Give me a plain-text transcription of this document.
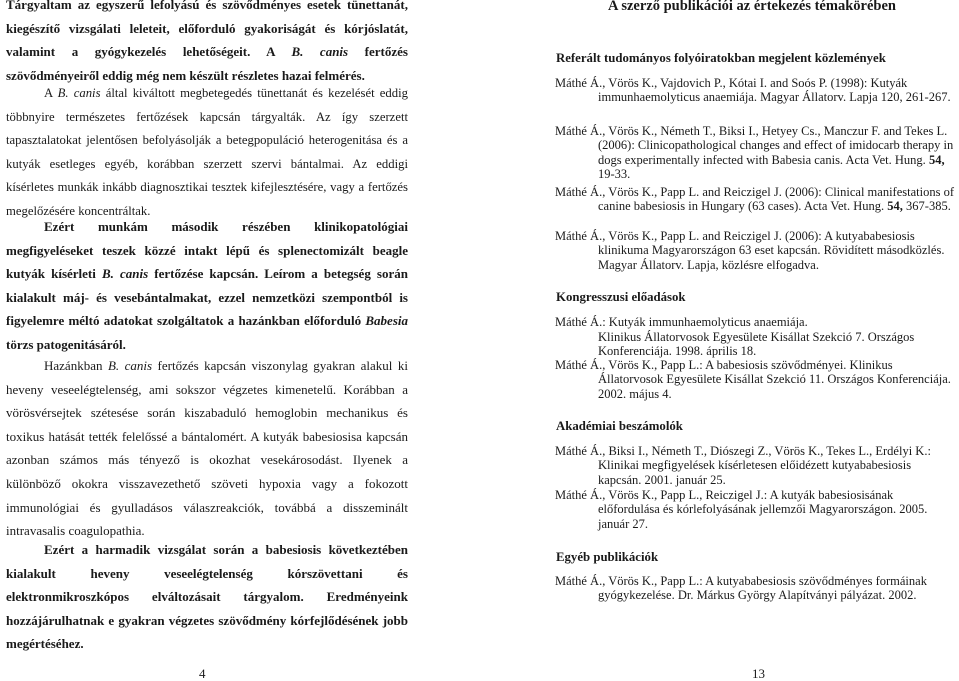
Tárgyaltam az egyszerű lefolyású és szövődményes esetek tünettanát, kiegészítő vizsgálati leleteit, előforduló gyakoriságát és kórjóslatát, valamint a gyógykezelés lehetőségeit. A B. canis fertőzés szövődményeiről eddig még nem készült részletes hazai felmérés.
A B. canis által kiváltott megbetegedés tünettanát és kezelését eddig többnyire természetes fertőzések kapcsán tárgyalták. Az így szerzett tapasztalatokat jelentősen befolyásolják a betegpopuláció heterogenitása és a kutyák esetleges egyéb, korábban szerzett szervi bántalmai. Az eddigi kísérletes munkák inkább diagnosztikai tesztek kifejlesztésére, vagy a fertőzés megelőzésére koncentráltak.
Ezért munkám második részében klinikopatológiai megfigyeléseket teszek közzé intakt lépű és splenectomizált beagle kutyák kísérleti B. canis fertőzése kapcsán. Leírom a betegség során kialakult máj- és vesebántalmakat, ezzel nemzetközi szempontból is figyelemre méltó adatokat szolgáltatok a hazánkban előforduló Babesia törzs patogenitásáról.
Hazánkban B. canis fertőzés kapcsán viszonylag gyakran alakul ki heveny veseelégtelenség, ami sokszor végzetes kimenetelű. Korábban a vörösvérsejtek szétesése során kiszabaduló hemoglobin mechanikus és toxikus hatását tették felelőssé a bántalomért. A kutyák babesiosisa kapcsán azonban számos más tényező is okozhat vesekárosodást. Ilyenek a különböző okokra visszavezethető szöveti hypoxia vagy a fokozott immunológiai és gyulladásos válaszreakciók, továbbá a disszeminált intravasalis coagulopathia.
Ezért a harmadik vizsgálat során a babesiosis következtében kialakult heveny veseelégtelenség kórszövettani és elektronmikroszkópos elváltozásait tárgyalom. Eredményeink hozzájárulhatnak e gyakran végzetes szövődmény kórfejlődésének jobb megértéséhez.
4
A szerző publikációi az értekezés témakörében
Referált tudományos folyóiratokban megjelent közlemények
Máthé Á., Vörös K., Vajdovich P., Kótai I. and Soós P. (1998): Kutyák immunhaemolyticus anaemiája. Magyar Állatorv. Lapja 120, 261-267.
Máthé Á., Vörös K., Németh T., Biksi I., Hetyey Cs., Manczur F. and Tekes L. (2006): Clinicopathological changes and effect of imidocarb therapy in dogs experimentally infected with Babesia canis. Acta Vet. Hung. 54, 19-33.
Máthé Á., Vörös K., Papp L. and Reiczigel J. (2006): Clinical manifestations of canine babesiosis in Hungary (63 cases). Acta Vet. Hung. 54, 367-385.
Máthé Á., Vörös K., Papp L. and Reiczigel J. (2006): A kutyababesiosis klinikuma Magyarországon 63 eset kapcsán. Rövidített másodközlés. Magyar Állatorv. Lapja, közlésre elfogadva.
Kongresszusi előadások
Máthé Á.: Kutyák immunhaemolyticus anaemiája.
Klinikus Állatorvosok Egyesülete Kisállat Szekció 7. Országos Konferenciája. 1998. április 18.
Máthé Á., Vörös K., Papp L.: A babesiosis szövődményei. Klinikus Állatorvosok Egyesülete Kisállat Szekció 11. Országos Konferenciája. 2002. május 4.
Akadémiai beszámolók
Máthé Á., Biksi I., Németh T., Diószegi Z., Vörös K., Tekes L., Erdélyi K.: Klinikai megfigyelések kísérletesen előidézett kutyababesiosis kapcsán. 2001. január 25.
Máthé Á., Vörös K., Papp L., Reiczigel J.: A kutyák babesiosisának előfordulása és kórlefolyásának jellemzői Magyarországon. 2005. január 27.
Egyéb publikációk
Máthé Á., Vörös K., Papp L.: A kutyababesiosis szövődményes formáinak gyógykezelése. Dr. Márkus György Alapítványi pályázat. 2002.
13
